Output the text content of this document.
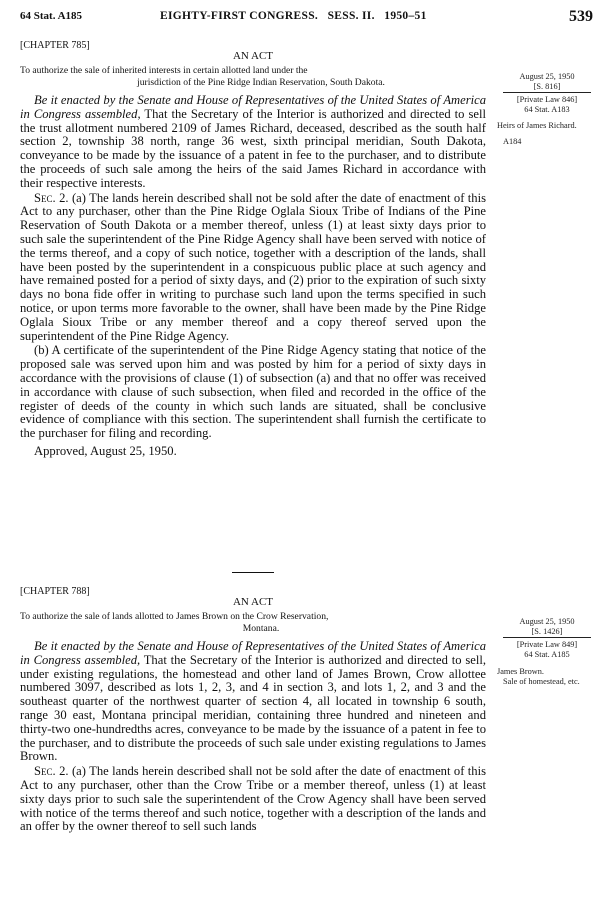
64 Stat. A185	EIGHTY-FIRST CONGRESS. SESS. II. 1950–51	539
[CHAPTER 785]
AN ACT
To authorize the sale of inherited interests in certain allotted land under the
jurisdiction of the Pine Ridge Indian Reservation, South Dakota.

Be it enacted by the Senate and House of Representatives of the United States of America in Congress assembled, That the Secretary of the Interior is authorized and directed to sell the trust allotment numbered 2109 of James Richard, deceased, described as the south half section 2, township 38 north, range 36 west, sixth principal meridian, South Dakota, conveyance to be made by the issuance of a patent in fee to the purchaser, and to distribute the proceeds of such sale among the heirs of the said James Richard in accordance with their respective interests.

Sec. 2. (a) The lands herein described shall not be sold after the date of enactment of this Act to any purchaser, other than the Pine Ridge Oglala Sioux Tribe of Indians of the Pine Reservation of South Dakota or a member thereof, unless (1) at least sixty days prior to such sale the superintendent of the Pine Ridge Agency shall have been served with notice of the terms thereof, and a copy of such notice, together with a description of the lands, shall have been posted by the superintendent in a conspicuous public place at such agency and have remained posted for a period of sixty days, and (2) prior to the expiration of such sixty days no bona fide offer in writing to purchase such land upon the terms specified in such notice, or upon terms more favorable to the owner, shall have been made by the Pine Ridge Oglala Sioux Tribe or any member thereof and a copy thereof served upon the superintendent of the Pine Ridge Agency.

(b) A certificate of the superintendent of the Pine Ridge Agency stating that notice of the proposed sale was served upon him and was posted by him for a period of sixty days in accordance with the provisions of clause (1) of subsection (a) and that no offer was received in accordance with clause of such subsection, when filed and recorded in the office of the register of deeds of the county in which such lands are situated, shall be conclusive evidence of compliance with this section. The superintendent shall furnish the certificate to the purchaser for filing and recording.

Approved, August 25, 1950.
August 25, 1950
[S. 816]
[Private Law 846]
64 Stat. A183
Heirs of James Richard.
A184
[CHAPTER 788]
AN ACT
To authorize the sale of lands allotted to James Brown on the Crow Reservation,
Montana.

Be it enacted by the Senate and House of Representatives of the United States of America in Congress assembled, That the Secretary of the Interior is authorized and directed to sell, under existing regulations, the homestead and other land of James Brown, Crow allottee numbered 3097, described as lots 1, 2, 3, and 4 in section 3, and lots 1, 2, and 3 and the southeast quarter of the northwest quarter of section 4, all located in township 6 south, range 30 east, Montana principal meridian, containing three hundred and nineteen and thirty-two one-hundredths acres, conveyance to be made by the issuance of a patent in fee to the purchaser, and to distribute the proceeds of such sale under existing regulations to James Brown.

Sec. 2. (a) The lands herein described shall not be sold after the date of enactment of this Act to any purchaser, other than the Crow Tribe or a member thereof, unless (1) at least sixty days prior to such sale the superintendent of the Crow Agency shall have been served with notice of the terms thereof and such notice, together with a description of the lands and an offer by the owner thereof to sell such lands

August 25, 1950
[S. 1426]
[Private Law 849]
64 Stat. A185
James Brown.
Sale of homestead, etc.
